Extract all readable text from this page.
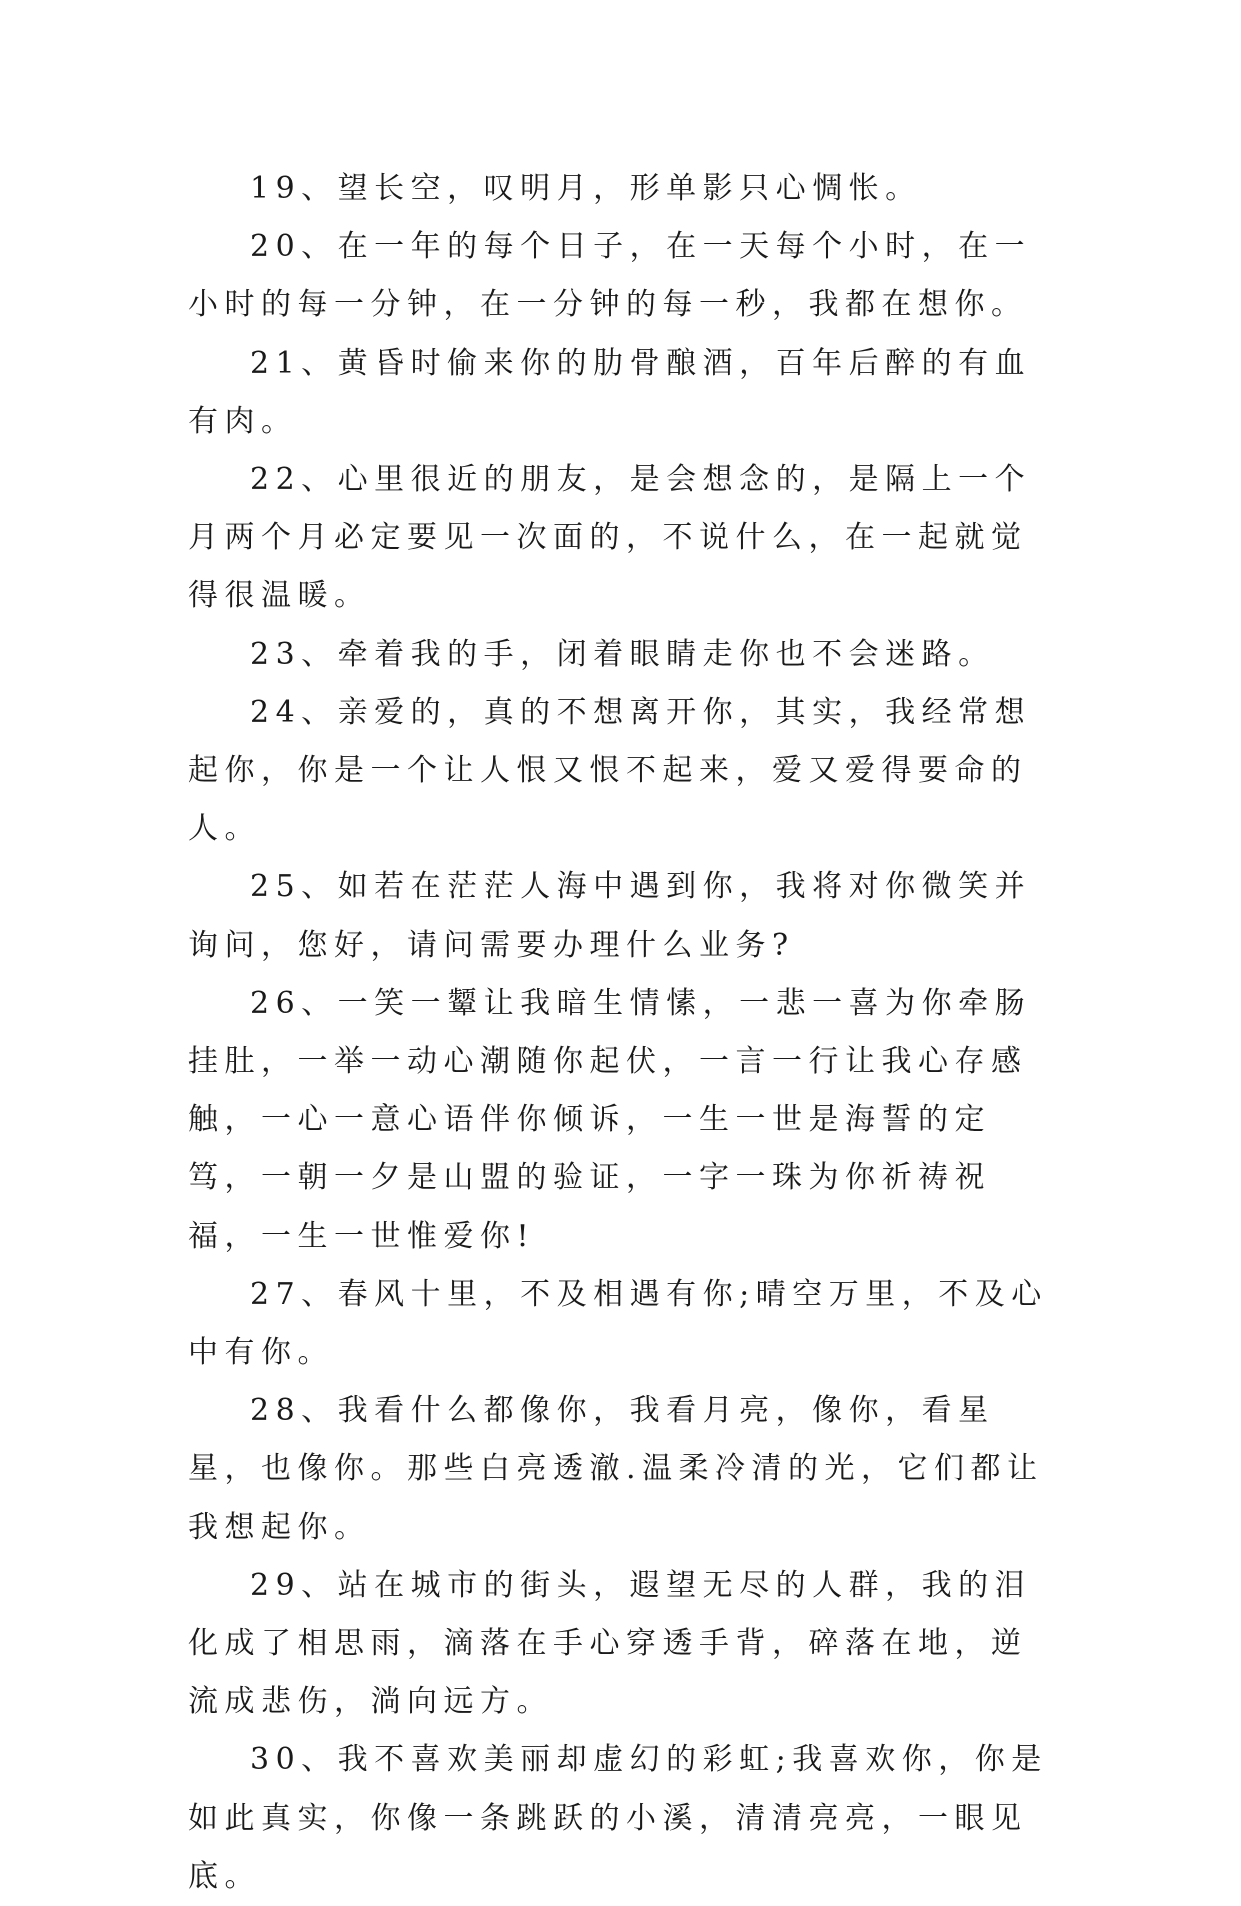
19、望长空，叹明月，形单影只心惆怅。

20、在一年的每个日子，在一天每个小时，在一小时的每一分钟，在一分钟的每一秒，我都在想你。

21、黄昏时偷来你的肋骨酿酒，百年后醉的有血有肉。

22、心里很近的朋友，是会想念的，是隔上一个月两个月必定要见一次面的，不说什么，在一起就觉得很温暖。

23、牵着我的手，闭着眼睛走你也不会迷路。

24、亲爱的，真的不想离开你，其实，我经常想起你，你是一个让人恨又恨不起来，爱又爱得要命的人。

25、如若在茫茫人海中遇到你，我将对你微笑并询问，您好，请问需要办理什么业务?

26、一笑一颦让我暗生情愫，一悲一喜为你牵肠挂肚，一举一动心潮随你起伏，一言一行让我心存感触，一心一意心语伴你倾诉，一生一世是海誓的定笃，一朝一夕是山盟的验证，一字一珠为你祈祷祝福，一生一世惟爱你!

27、春风十里，不及相遇有你;晴空万里，不及心中有你。

28、我看什么都像你，我看月亮，像你，看星星，也像你。那些白亮透澈.温柔冷清的光，它们都让我想起你。

29、站在城市的街头，遐望无尽的人群，我的泪化成了相思雨，滴落在手心穿透手背，碎落在地，逆流成悲伤，淌向远方。

30、我不喜欢美丽却虚幻的彩虹;我喜欢你，你是如此真实，你像一条跳跃的小溪，清清亮亮，一眼见底。
